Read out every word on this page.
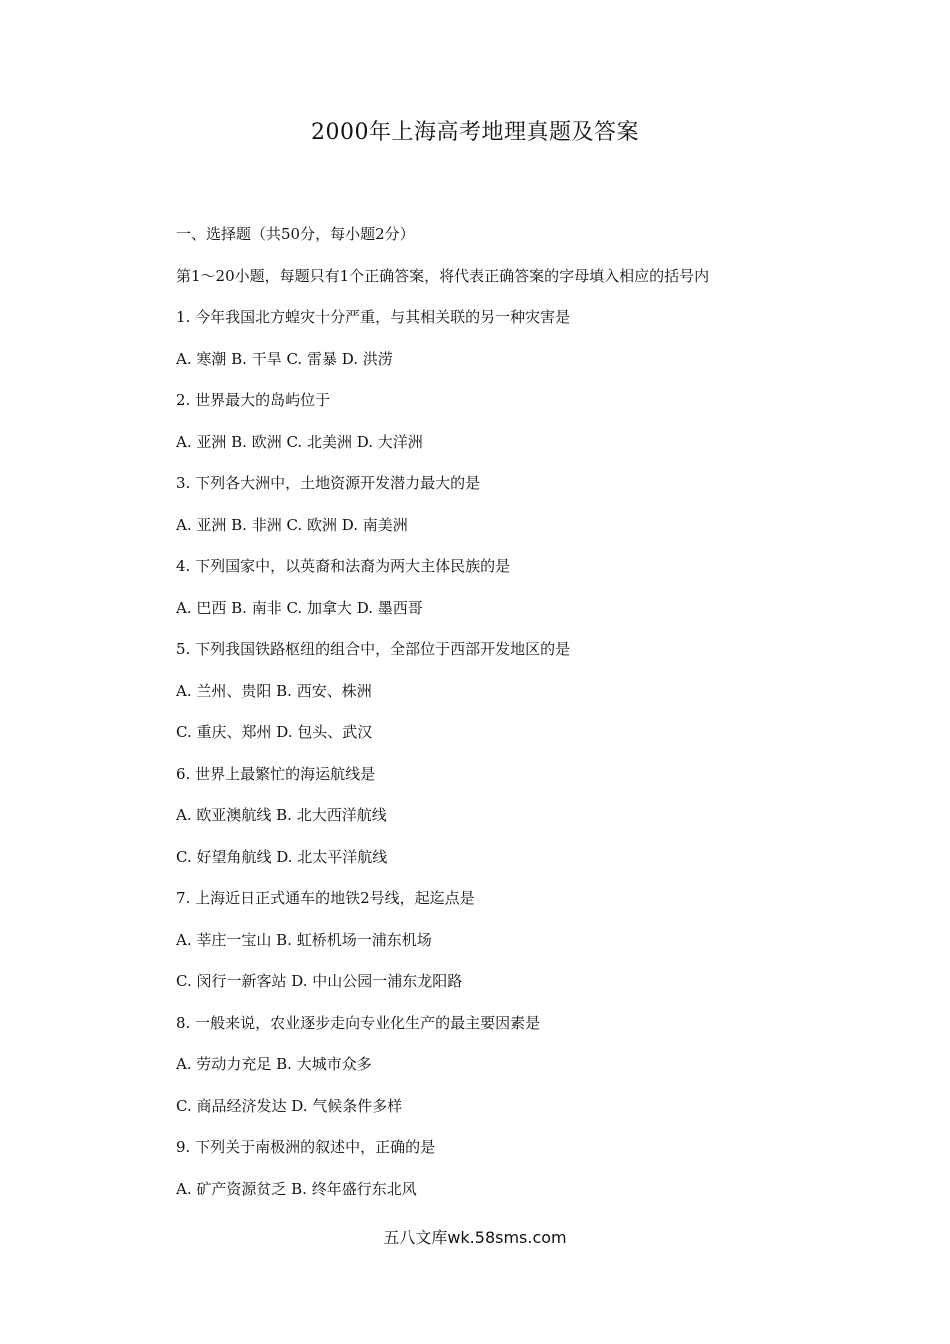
2000年上海高考地理真题及答案
一、选择题（共50分，每小题2分）
第1～20小题，每题只有1个正确答案，将代表正确答案的字母填入相应的括号内
1. 今年我国北方蝗灾十分严重，与其相关联的另一种灾害是
A. 寒潮 B. 干旱 C. 雷暴 D. 洪涝
2. 世界最大的岛屿位于
A. 亚洲 B. 欧洲 C. 北美洲 D. 大洋洲
3. 下列各大洲中，土地资源开发潜力最大的是
A. 亚洲 B. 非洲 C. 欧洲 D. 南美洲
4. 下列国家中，以英裔和法裔为两大主体民族的是
A. 巴西 B. 南非 C. 加拿大 D. 墨西哥
5. 下列我国铁路枢纽的组合中，全部位于西部开发地区的是
A. 兰州、贵阳 B. 西安、株洲
C. 重庆、郑州 D. 包头、武汉
6. 世界上最繁忙的海运航线是
A. 欧亚澳航线 B. 北大西洋航线
C. 好望角航线 D. 北太平洋航线
7. 上海近日正式通车的地铁2号线，起迄点是
A. 莘庄一宝山 B. 虹桥机场一浦东机场
C. 闵行一新客站 D. 中山公园一浦东龙阳路
8. 一般来说，农业逐步走向专业化生产的最主要因素是
A. 劳动力充足 B. 大城市众多
C. 商品经济发达 D. 气候条件多样
9. 下列关于南极洲的叙述中，正确的是
A. 矿产资源贫乏 B. 终年盛行东北风
五八文库wk.58sms.com
